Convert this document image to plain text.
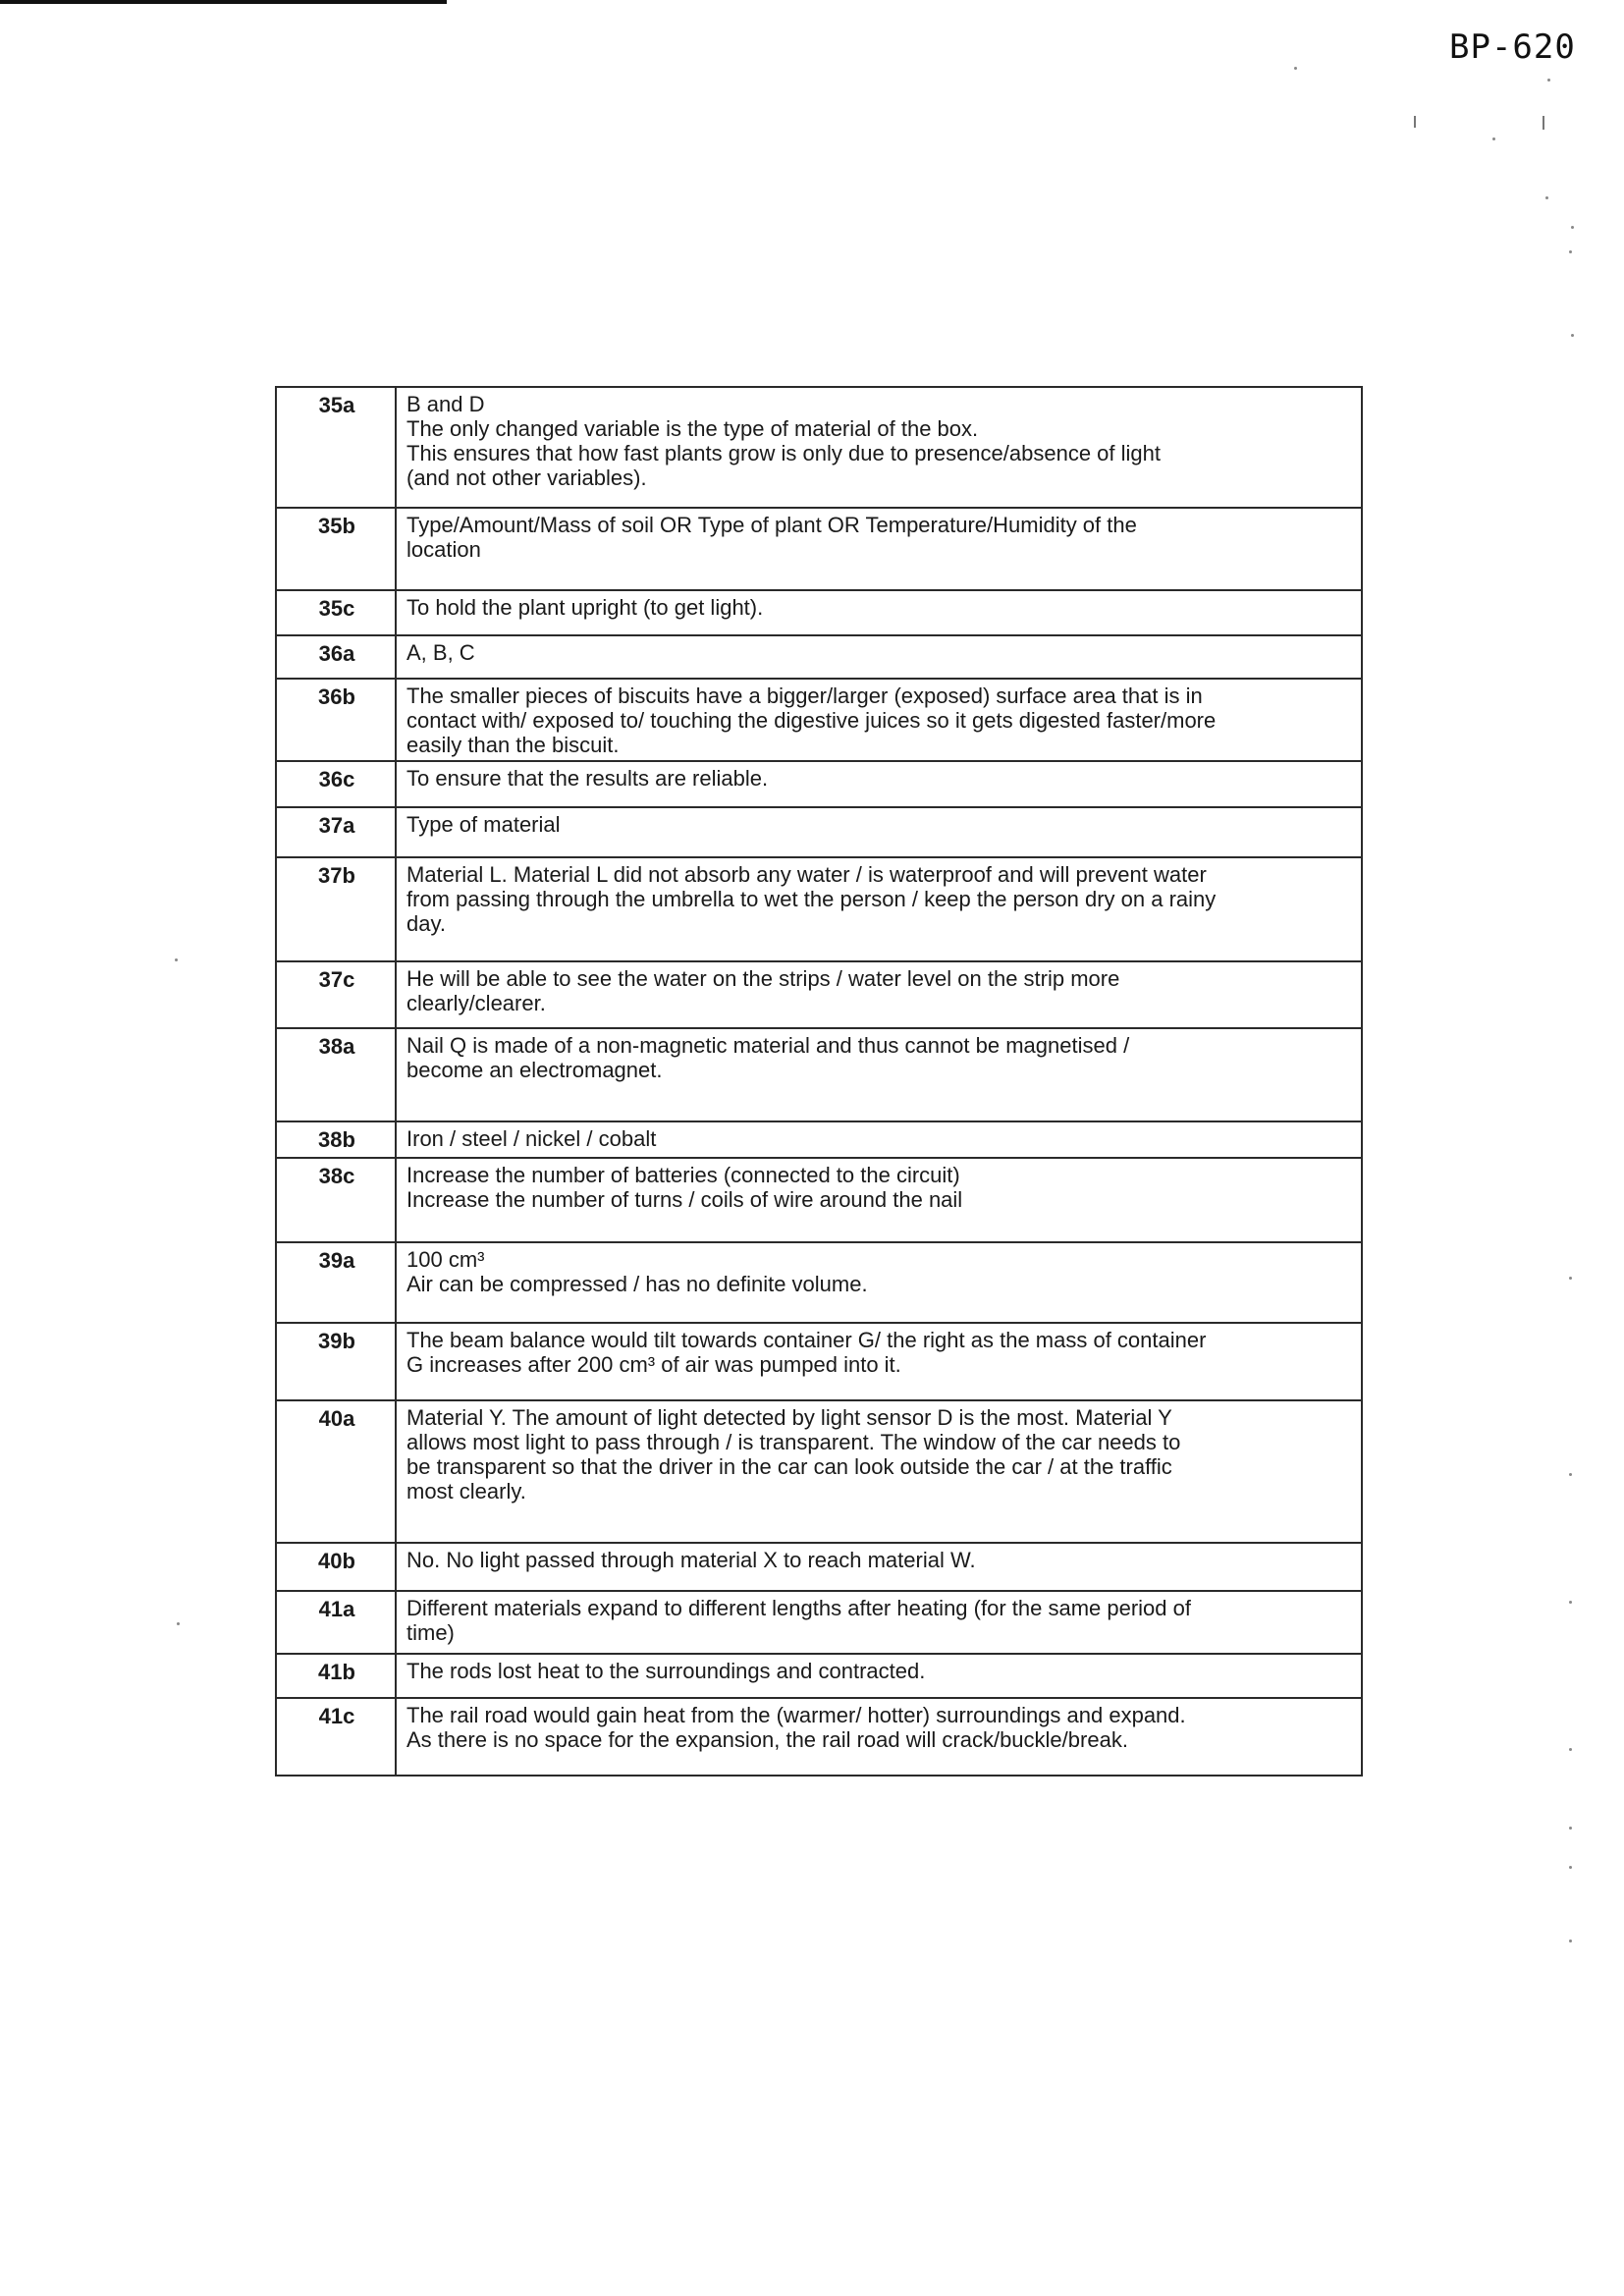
BP-620
35a	B and D
The only changed variable is the type of material of the box.
This ensures that how fast plants grow is only due to presence/absence of light
(and not other variables).

35b	Type/Amount/Mass of soil OR Type of plant OR Temperature/Humidity of the
location

35c	To hold the plant upright (to get light).

36a	A, B, C

36b	The smaller pieces of biscuits have a bigger/larger (exposed) surface area that is in
contact with/ exposed to/ touching the digestive juices so it gets digested faster/more
easily than the biscuit.

36c	To ensure that the results are reliable.

37a	Type of material

37b	Material L. Material L did not absorb any water / is waterproof and will prevent water
from passing through the umbrella to wet the person / keep the person dry on a rainy
day.

37c	He will be able to see the water on the strips / water level on the strip more
clearly/clearer.

38a	Nail Q is made of a non-magnetic material and thus cannot be magnetised /
become an electromagnet.

38b	Iron / steel / nickel / cobalt

38c	Increase the number of batteries (connected to the circuit)
Increase the number of turns / coils of wire around the nail

39a	100 cm³
Air can be compressed / has no definite volume.

39b	The beam balance would tilt towards container G/ the right as the mass of container
G increases after 200 cm³ of air was pumped into it.

40a	Material Y. The amount of light detected by light sensor D is the most. Material Y
allows most light to pass through / is transparent. The window of the car needs to
be transparent so that the driver in the car can look outside the car / at the traffic
most clearly.

40b	No. No light passed through material X to reach material W.

41a	Different materials expand to different lengths after heating (for the same period of
time)

41b	The rods lost heat to the surroundings and contracted.

41c	The rail road would gain heat from the (warmer/ hotter) surroundings and expand.
As there is no space for the expansion, the rail road will crack/buckle/break.
